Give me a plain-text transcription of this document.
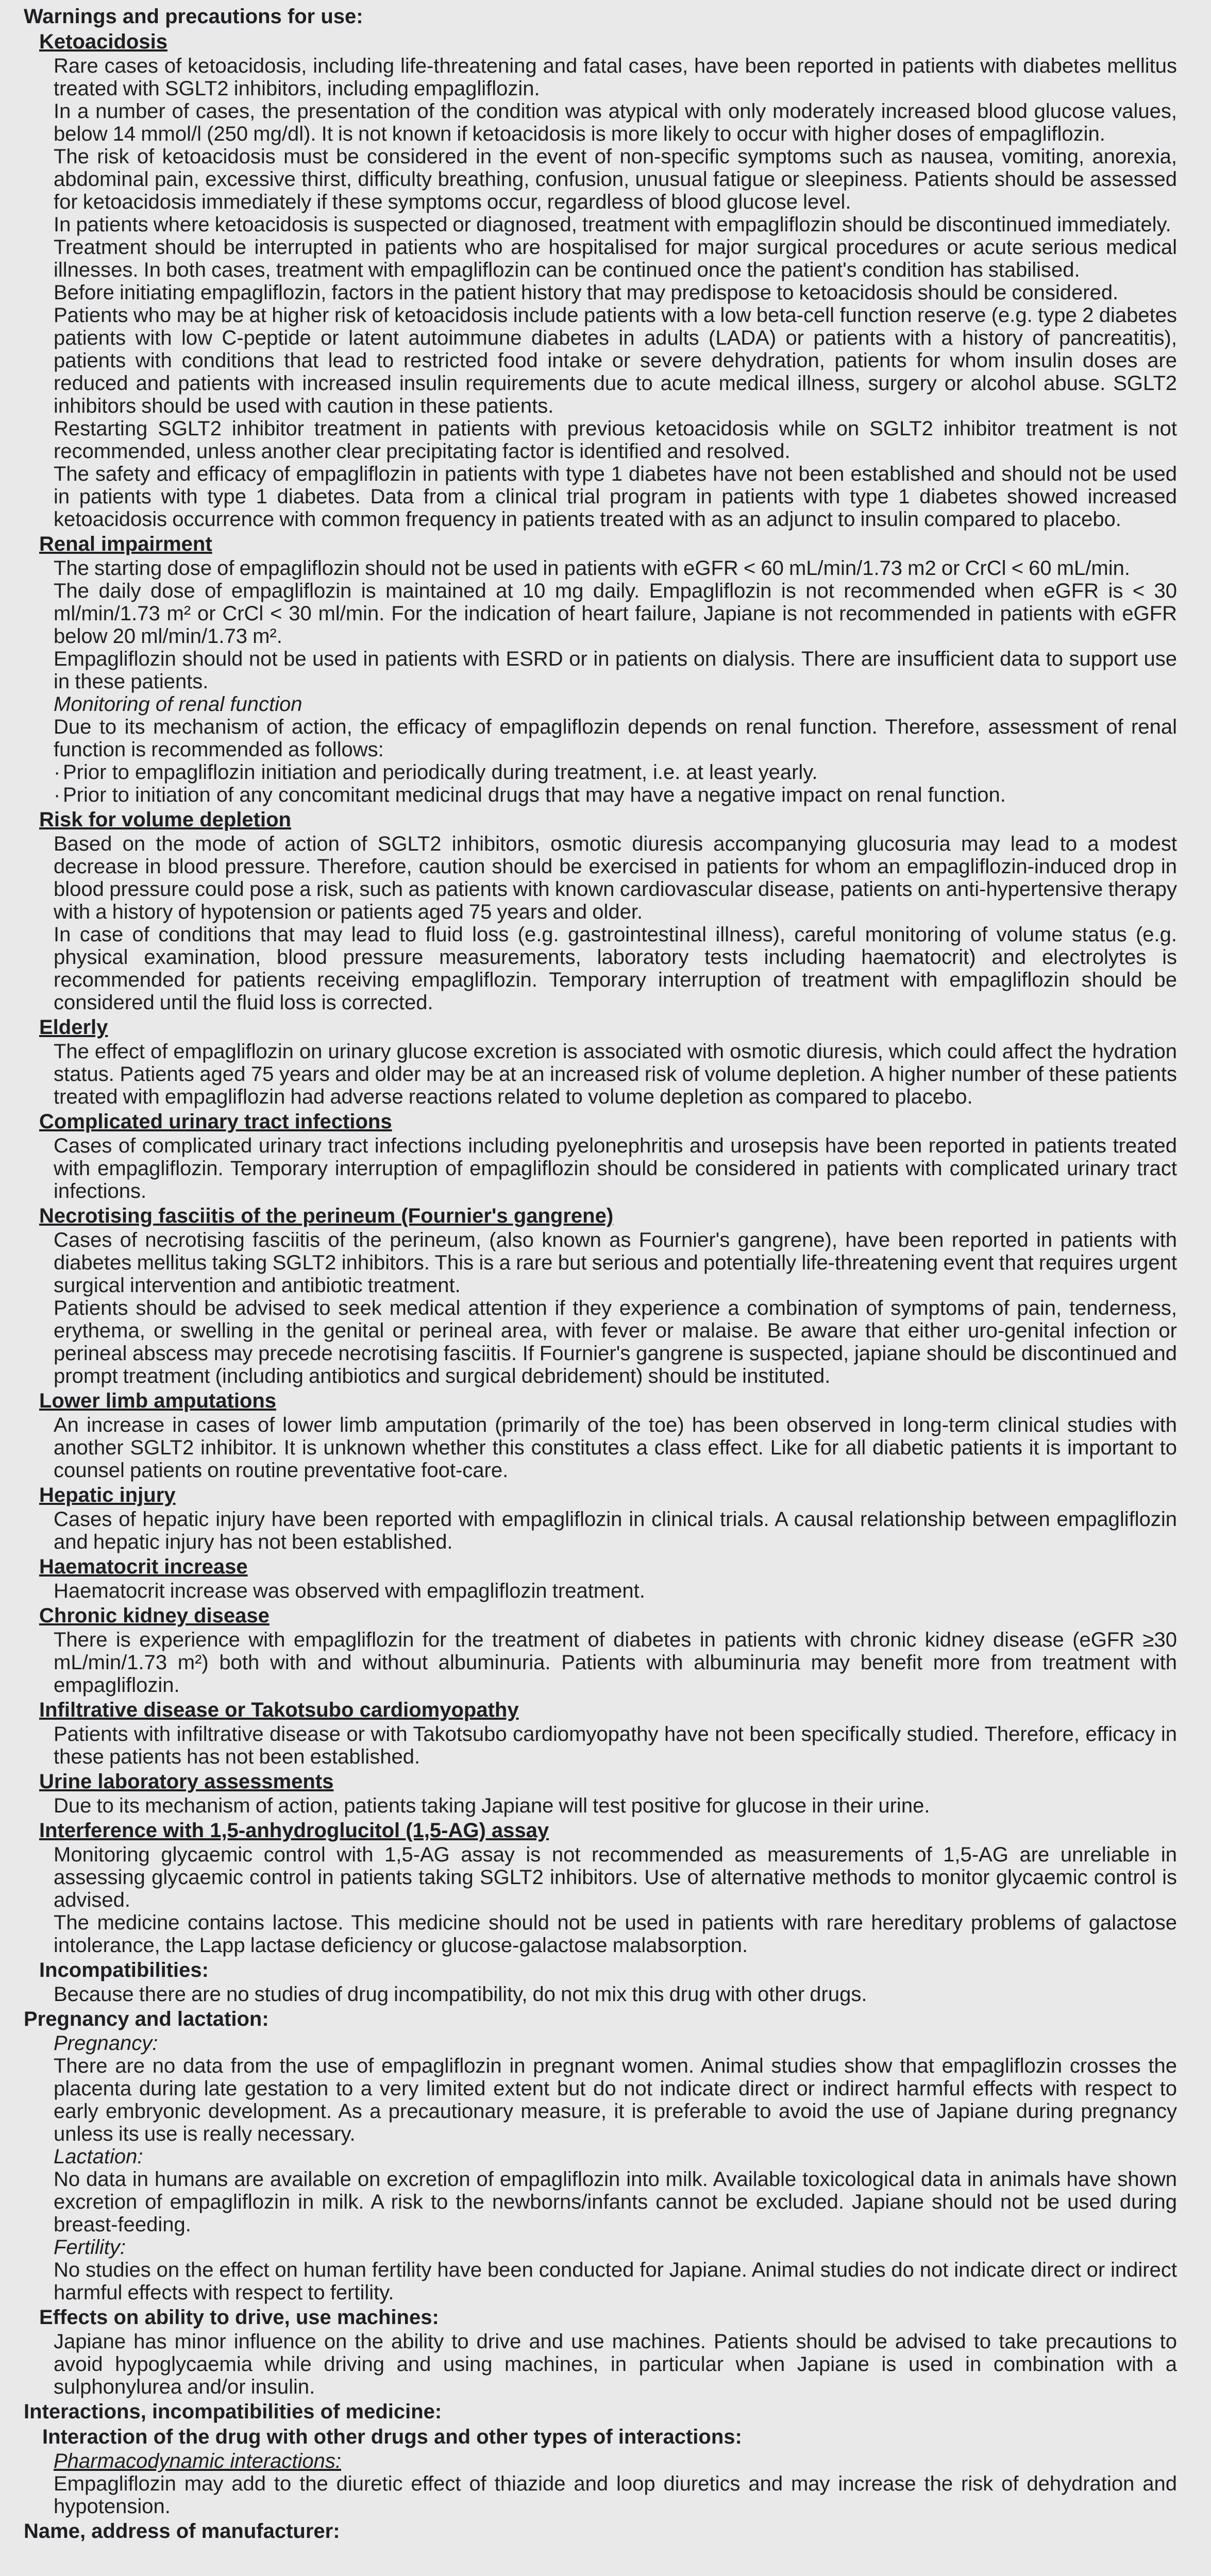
Warnings and precautions for use:
Ketoacidosis
Rare cases of ketoacidosis, including life-threatening and fatal cases, have been reported in patients with diabetes mellitus treated with SGLT2 inhibitors, including empagliflozin.
In a number of cases, the presentation of the condition was atypical with only moderately increased blood glucose values, below 14 mmol/l (250 mg/dl). It is not known if ketoacidosis is more likely to occur with higher doses of empagliflozin.
The risk of ketoacidosis must be considered in the event of non-specific symptoms such as nausea, vomiting, anorexia, abdominal pain, excessive thirst, difficulty breathing, confusion, unusual fatigue or sleepiness. Patients should be assessed for ketoacidosis immediately if these symptoms occur, regardless of blood glucose level.
In patients where ketoacidosis is suspected or diagnosed, treatment with empagliflozin should be discontinued immediately.
Treatment should be interrupted in patients who are hospitalised for major surgical procedures or acute serious medical illnesses. In both cases, treatment with empagliflozin can be continued once the patient's condition has stabilised.
Before initiating empagliflozin, factors in the patient history that may predispose to ketoacidosis should be considered.
Patients who may be at higher risk of ketoacidosis include patients with a low beta-cell function reserve (e.g. type 2 diabetes patients with low C-peptide or latent autoimmune diabetes in adults (LADA) or patients with a history of pancreatitis), patients with conditions that lead to restricted food intake or severe dehydration, patients for whom insulin doses are reduced and patients with increased insulin requirements due to acute medical illness, surgery or alcohol abuse. SGLT2 inhibitors should be used with caution in these patients.
Restarting SGLT2 inhibitor treatment in patients with previous ketoacidosis while on SGLT2 inhibitor treatment is not recommended, unless another clear precipitating factor is identified and resolved.
The safety and efficacy of empagliflozin in patients with type 1 diabetes have not been established and should not be used in patients with type 1 diabetes. Data from a clinical trial program in patients with type 1 diabetes showed increased ketoacidosis occurrence with common frequency in patients treated with as an adjunct to insulin compared to placebo.
Renal impairment
The starting dose of empagliflozin should not be used in patients with eGFR < 60 mL/min/1.73 m2 or CrCl < 60 mL/min.
The daily dose of empagliflozin is maintained at 10 mg daily. Empagliflozin is not recommended when eGFR is < 30 ml/min/1.73 m² or CrCl < 30 ml/min. For the indication of heart failure, Japiane is not recommended in patients with eGFR below 20 ml/min/1.73 m².
Empagliflozin should not be used in patients with ESRD or in patients on dialysis. There are insufficient data to support use in these patients.
Monitoring of renal function
Due to its mechanism of action, the efficacy of empagliflozin depends on renal function. Therefore, assessment of renal function is recommended as follows:
· Prior to empagliflozin initiation and periodically during treatment, i.e. at least yearly.
· Prior to initiation of any concomitant medicinal drugs that may have a negative impact on renal function.
Risk for volume depletion
Based on the mode of action of SGLT2 inhibitors, osmotic diuresis accompanying glucosuria may lead to a modest decrease in blood pressure. Therefore, caution should be exercised in patients for whom an empagliflozin-induced drop in blood pressure could pose a risk, such as patients with known cardiovascular disease, patients on anti-hypertensive therapy with a history of hypotension or patients aged 75 years and older.
In case of conditions that may lead to fluid loss (e.g. gastrointestinal illness), careful monitoring of volume status (e.g. physical examination, blood pressure measurements, laboratory tests including haematocrit) and electrolytes is recommended for patients receiving empagliflozin. Temporary interruption of treatment with empagliflozin should be considered until the fluid loss is corrected.
Elderly
The effect of empagliflozin on urinary glucose excretion is associated with osmotic diuresis, which could affect the hydration status. Patients aged 75 years and older may be at an increased risk of volume depletion. A higher number of these patients treated with empagliflozin had adverse reactions related to volume depletion as compared to placebo.
Complicated urinary tract infections
Cases of complicated urinary tract infections including pyelonephritis and urosepsis have been reported in patients treated with empagliflozin. Temporary interruption of empagliflozin should be considered in patients with complicated urinary tract infections.
Necrotising fasciitis of the perineum (Fournier's gangrene)
Cases of necrotising fasciitis of the perineum, (also known as Fournier's gangrene), have been reported in patients with diabetes mellitus taking SGLT2 inhibitors. This is a rare but serious and potentially life-threatening event that requires urgent surgical intervention and antibiotic treatment.
Patients should be advised to seek medical attention if they experience a combination of symptoms of pain, tenderness, erythema, or swelling in the genital or perineal area, with fever or malaise. Be aware that either uro-genital infection or perineal abscess may precede necrotising fasciitis. If Fournier's gangrene is suspected, japiane should be discontinued and prompt treatment (including antibiotics and surgical debridement) should be instituted.
Lower limb amputations
An increase in cases of lower limb amputation (primarily of the toe) has been observed in long-term clinical studies with another SGLT2 inhibitor. It is unknown whether this constitutes a class effect. Like for all diabetic patients it is important to counsel patients on routine preventative foot-care.
Hepatic injury
Cases of hepatic injury have been reported with empagliflozin in clinical trials. A causal relationship between empagliflozin and hepatic injury has not been established.
Haematocrit increase
Haematocrit increase was observed with empagliflozin treatment.
Chronic kidney disease
There is experience with empagliflozin for the treatment of diabetes in patients with chronic kidney disease (eGFR ≥30 mL/min/1.73 m²) both with and without albuminuria. Patients with albuminuria may benefit more from treatment with empagliflozin.
Infiltrative disease or Takotsubo cardiomyopathy
Patients with infiltrative disease or with Takotsubo cardiomyopathy have not been specifically studied. Therefore, efficacy in these patients has not been established.
Urine laboratory assessments
Due to its mechanism of action, patients taking Japiane will test positive for glucose in their urine.
Interference with 1,5-anhydroglucitol (1,5-AG) assay
Monitoring glycaemic control with 1,5-AG assay is not recommended as measurements of 1,5-AG are unreliable in assessing glycaemic control in patients taking SGLT2 inhibitors. Use of alternative methods to monitor glycaemic control is advised.
The medicine contains lactose. This medicine should not be used in patients with rare hereditary problems of galactose intolerance, the Lapp lactase deficiency or glucose-galactose malabsorption.
Incompatibilities:
Because there are no studies of drug incompatibility, do not mix this drug with other drugs.
Pregnancy and lactation:
Pregnancy:
There are no data from the use of empagliflozin in pregnant women. Animal studies show that empagliflozin crosses the placenta during late gestation to a very limited extent but do not indicate direct or indirect harmful effects with respect to early embryonic development. As a precautionary measure, it is preferable to avoid the use of Japiane during pregnancy unless its use is really necessary.
Lactation:
No data in humans are available on excretion of empagliflozin into milk. Available toxicological data in animals have shown excretion of empagliflozin in milk. A risk to the newborns/infants cannot be excluded. Japiane should not be used during breast-feeding.
Fertility:
No studies on the effect on human fertility have been conducted for Japiane. Animal studies do not indicate direct or indirect harmful effects with respect to fertility.
Effects on ability to drive, use machines:
Japiane has minor influence on the ability to drive and use machines. Patients should be advised to take precautions to avoid hypoglycaemia while driving and using machines, in particular when Japiane is used in combination with a sulphonylurea and/or insulin.
Interactions, incompatibilities of medicine:
Interaction of the drug with other drugs and other types of interactions:
Pharmacodynamic interactions:
Empagliflozin may add to the diuretic effect of thiazide and loop diuretics and may increase the risk of dehydration and hypotension.
Name, address of manufacturer:
